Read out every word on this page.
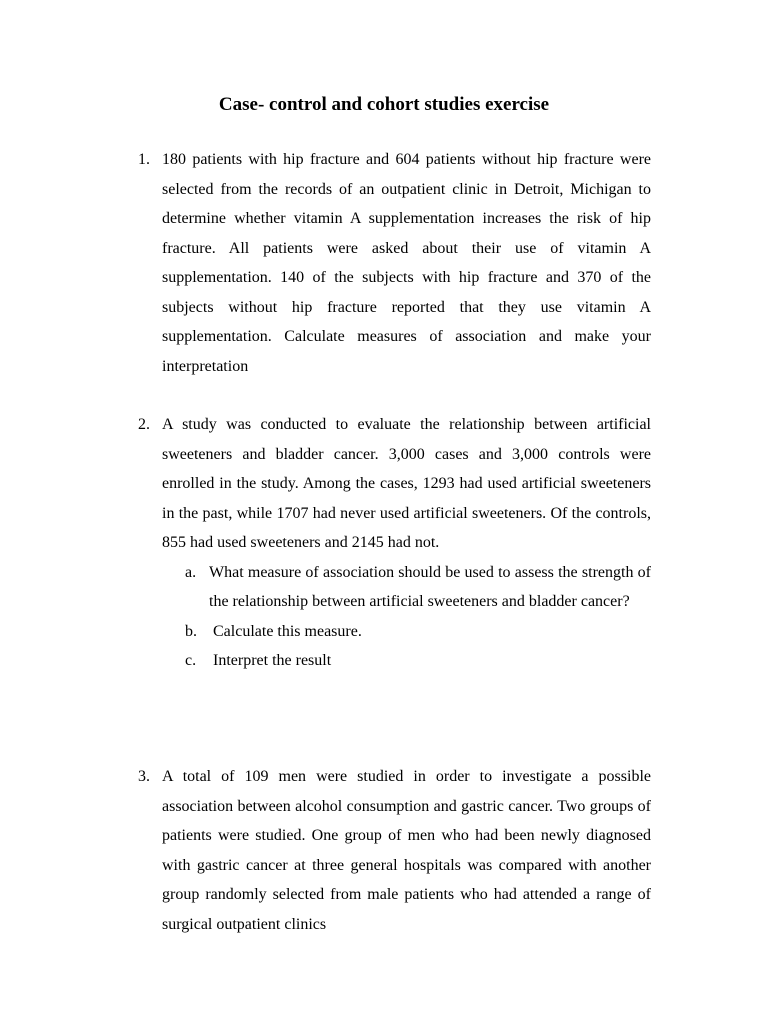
Case- control and cohort studies exercise
1. 180 patients with hip fracture and 604 patients without hip fracture were selected from the records of an outpatient clinic in Detroit, Michigan to determine whether vitamin A supplementation increases the risk of hip fracture. All patients were asked about their use of vitamin A supplementation. 140 of the subjects with hip fracture and 370 of the subjects without hip fracture reported that they use vitamin A supplementation. Calculate measures of association and make your interpretation

2. A study was conducted to evaluate the relationship between artificial sweeteners and bladder cancer. 3,000 cases and 3,000 controls were enrolled in the study. Among the cases, 1293 had used artificial sweeteners in the past, while 1707 had never used artificial sweeteners. Of the controls, 855 had used sweeteners and 2145 had not.

a. What measure of association should be used to assess the strength of the relationship between artificial sweeteners and bladder cancer?
b. Calculate this measure.
c. Interpret the result
3. A total of 109 men were studied in order to investigate a possible association between alcohol consumption and gastric cancer. Two groups of patients were studied. One group of men who had been newly diagnosed with gastric cancer at three general hospitals was compared with another group randomly selected from male patients who had attended a range of surgical outpatient clinics
